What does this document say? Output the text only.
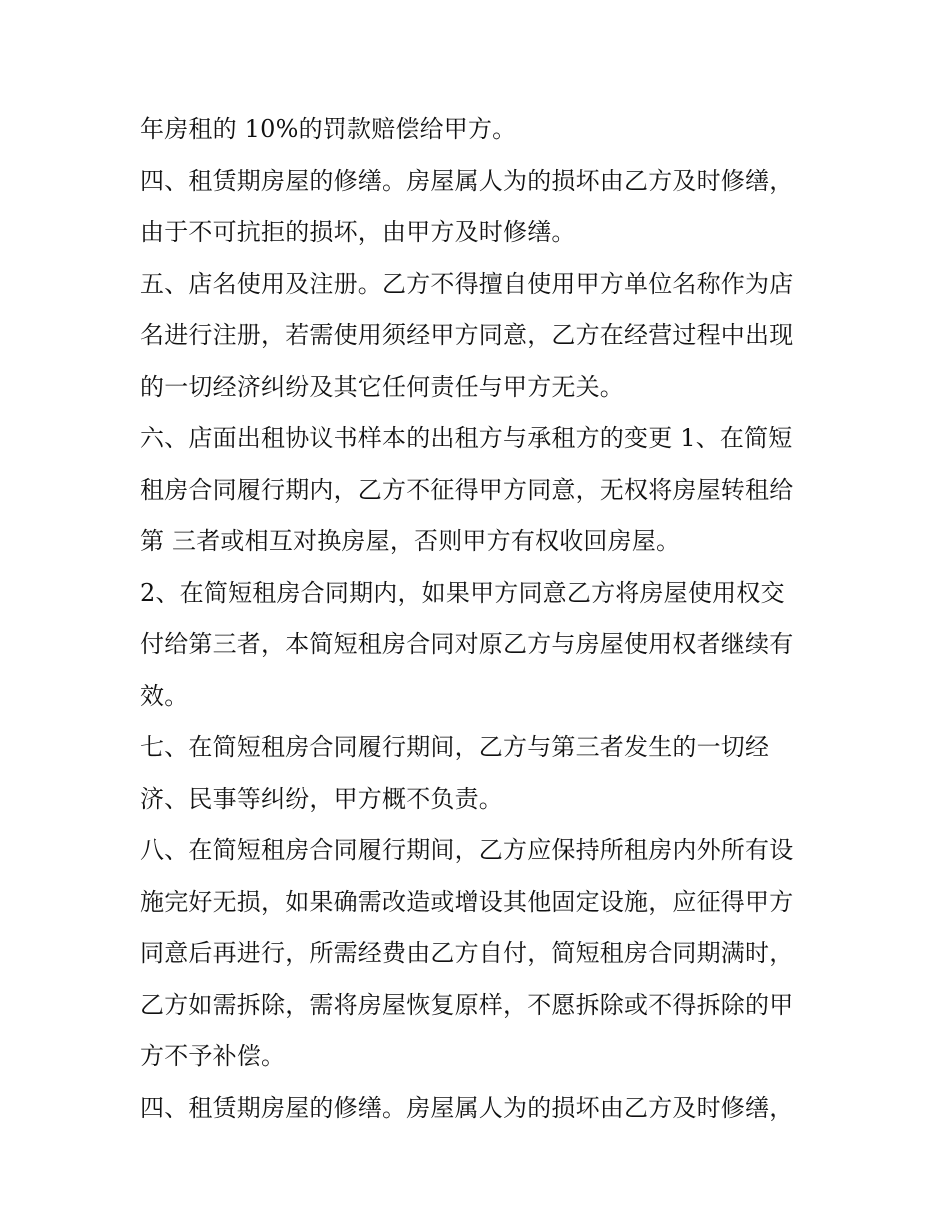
年房租的 10%的罚款赔偿给甲方。
四、租赁期房屋的修缮。房屋属人为的损坏由乙方及时修缮，
由于不可抗拒的损坏，由甲方及时修缮。
五、店名使用及注册。乙方不得擅自使用甲方单位名称作为店
名进行注册，若需使用须经甲方同意，乙方在经营过程中出现
的一切经济纠纷及其它任何责任与甲方无关。
六、店面出租协议书样本的出租方与承租方的变更 1、在简短
租房合同履行期内，乙方不征得甲方同意，无权将房屋转租给
第 三者或相互对换房屋，否则甲方有权收回房屋。
2、在简短租房合同期内，如果甲方同意乙方将房屋使用权交
付给第三者，本简短租房合同对原乙方与房屋使用权者继续有
效。
七、在简短租房合同履行期间，乙方与第三者发生的一切经
济、民事等纠纷，甲方概不负责。
八、在简短租房合同履行期间，乙方应保持所租房内外所有设
施完好无损，如果确需改造或增设其他固定设施，应征得甲方
同意后再进行，所需经费由乙方自付，简短租房合同期满时，
乙方如需拆除，需将房屋恢复原样，不愿拆除或不得拆除的甲
方不予补偿。
四、租赁期房屋的修缮。房屋属人为的损坏由乙方及时修缮，
